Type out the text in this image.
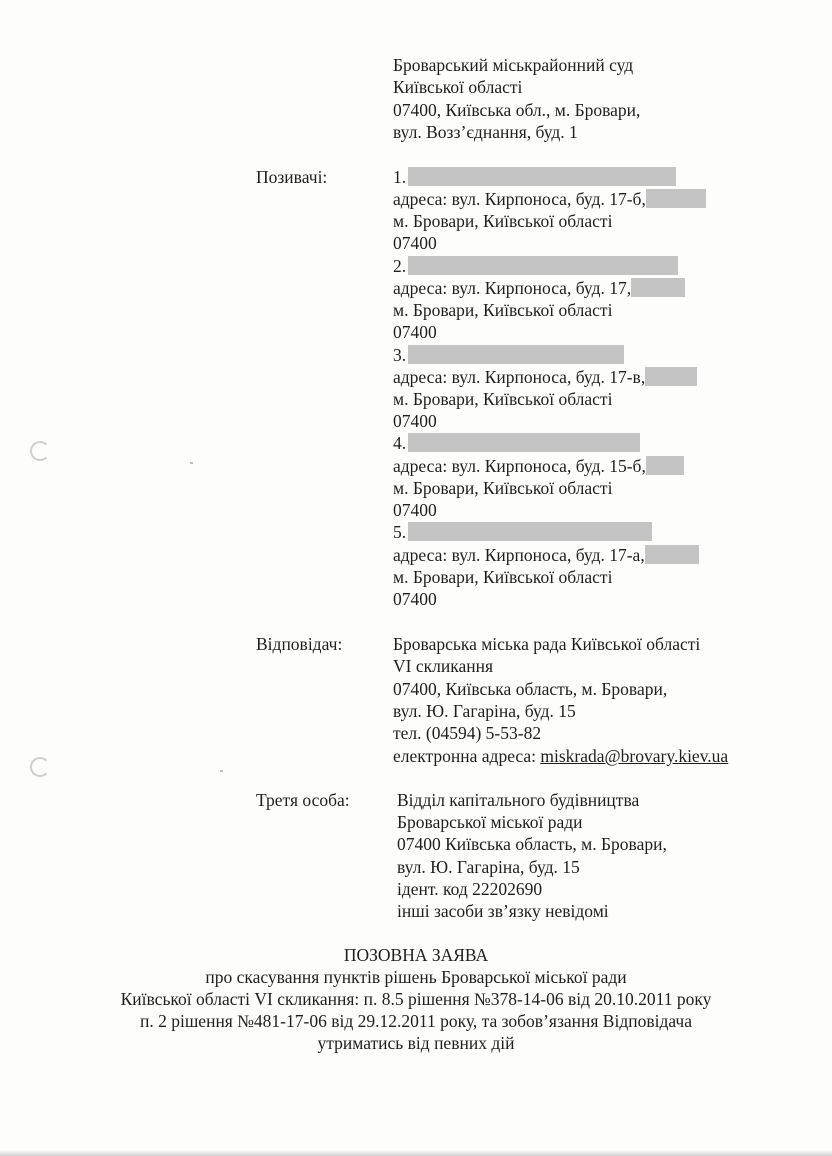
Броварський міськрайонний суд
Київської області
07400, Київська обл., м. Бровари,
вул. Возз’єднання, буд. 1
Позивачі:	1.
адреса: вул. Кирпоноса, буд. 17-б,
м. Бровари, Київської області
07400
2.
адреса: вул. Кирпоноса, буд. 17,
м. Бровари, Київської області
07400
3.
адреса: вул. Кирпоноса, буд. 17-в,
м. Бровари, Київської області
07400
4.
адреса: вул. Кирпоноса, буд. 15-б,
м. Бровари, Київської області
07400
5.
адреса: вул. Кирпоноса, буд. 17-а,
м. Бровари, Київської області
07400
Відповідач:	Броварська міська рада Київської області
VI скликання
07400, Київська область, м. Бровари,
вул. Ю. Гагаріна, буд. 15
тел. (04594) 5-53-82
електронна адреса: miskrada@brovary.kiev.ua
Третя особа:	Відділ капітального будівництва
Броварської міської ради
07400 Київська область, м. Бровари,
вул. Ю. Гагаріна, буд. 15
ідент. код 22202690
інші засоби зв’язку невідомі
ПОЗОВНА ЗАЯВА
про скасування пунктів рішень Броварської міської ради
Київської області VI скликання: п. 8.5 рішення №378-14-06 від 20.10.2011 року
п. 2 рішення №481-17-06 від 29.12.2011 року, та зобов’язання Відповідача
утриматись від певних дій
